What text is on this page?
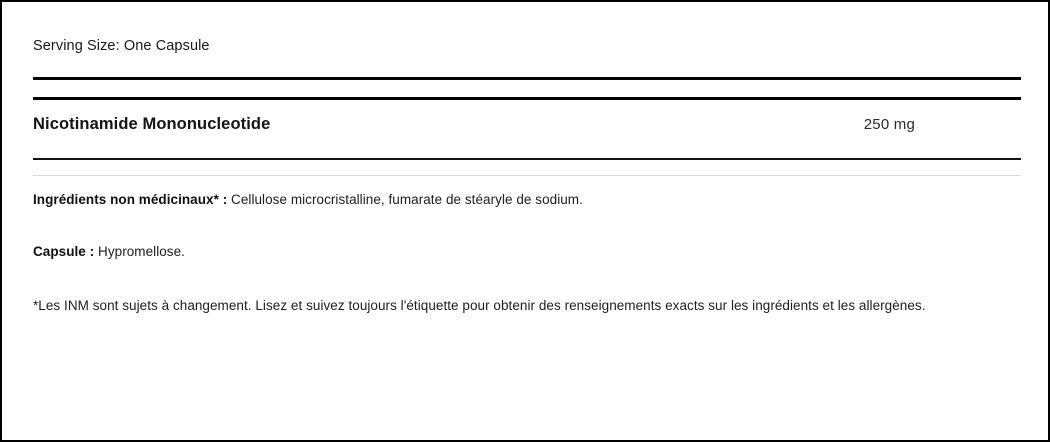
Serving Size: One Capsule
Nicotinamide Mononucleotide	250 mg
Ingrédients non médicinaux* : Cellulose microcristalline, fumarate de stéaryle de sodium.
Capsule : Hypromellose.
*Les INM sont sujets à changement. Lisez et suivez toujours l'étiquette pour obtenir des renseignements exacts sur les ingrédients et les allergènes.
